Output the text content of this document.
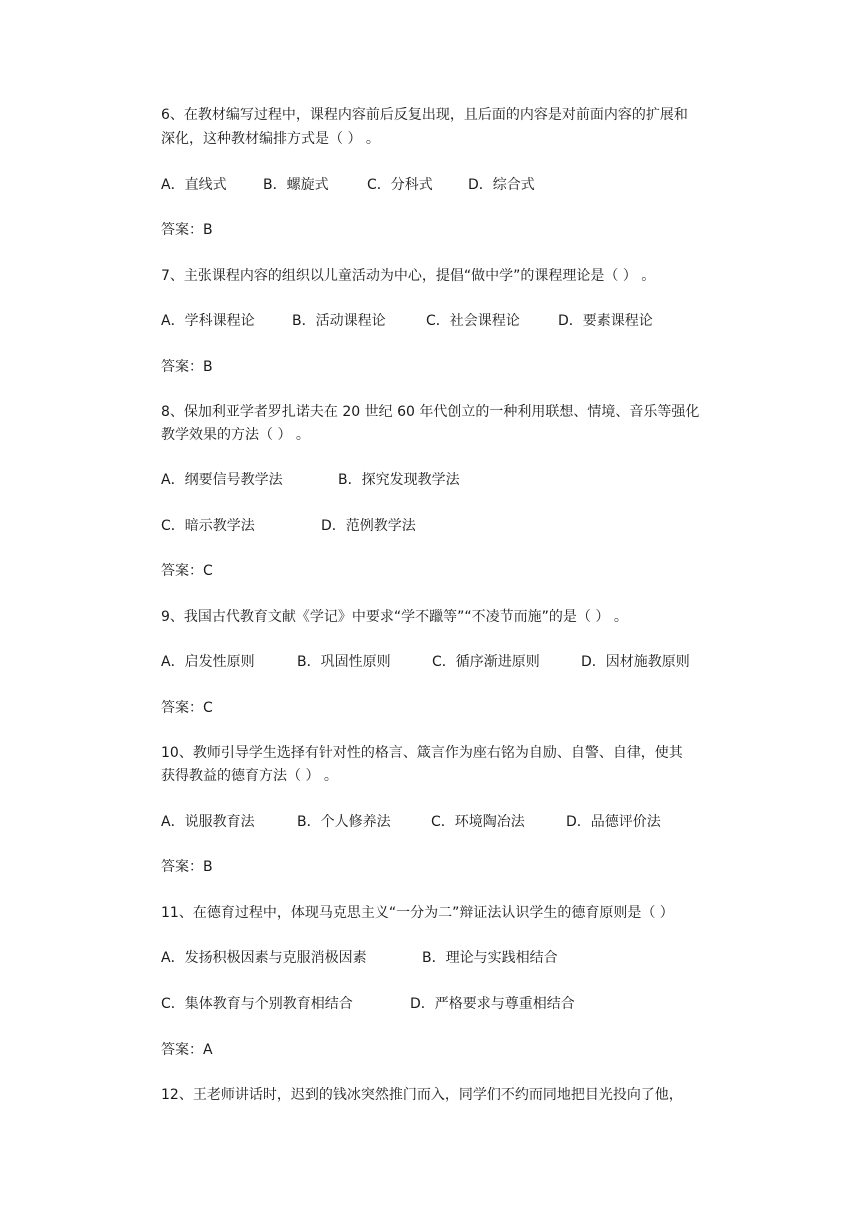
6、在教材编写过程中，课程内容前后反复出现，且后面的内容是对前面内容的扩展和
深化，这种教材编排方式是（ ） 。
A．直线式	B．螺旋式	C．分科式	D．综合式
答案：B
7、主张课程内容的组织以儿童活动为中心，提倡“做中学”的课程理论是（ ） 。
A．学科课程论	B．活动课程论	C．社会课程论	D．要素课程论
答案：B
8、保加利亚学者罗扎诺夫在 20 世纪 60 年代创立的一种利用联想、情境、音乐等强化
教学效果的方法（ ） 。
A．纲要信号教学法	B．探究发现教学法
C．暗示教学法	D．范例教学法
答案：C
9、我国古代教育文献《学记》中要求“学不躐等”“不凌节而施”的是（ ） 。
A．启发性原则	B．巩固性原则	C．循序渐进原则	D．因材施教原则
答案：C
10、教师引导学生选择有针对性的格言、箴言作为座右铭为自励、自警、自律，使其
获得教益的德育方法（ ） 。
A．说服教育法	B．个人修养法	C．环境陶冶法	D．品德评价法
答案：B
11、在德育过程中，体现马克思主义“一分为二”辩证法认识学生的德育原则是（ ）
A．发扬积极因素与克服消极因素	B．理论与实践相结合
C．集体教育与个别教育相结合	D．严格要求与尊重相结合
答案：A
12、王老师讲话时，迟到的钱冰突然推门而入，同学们不约而同地把目光投向了他，
